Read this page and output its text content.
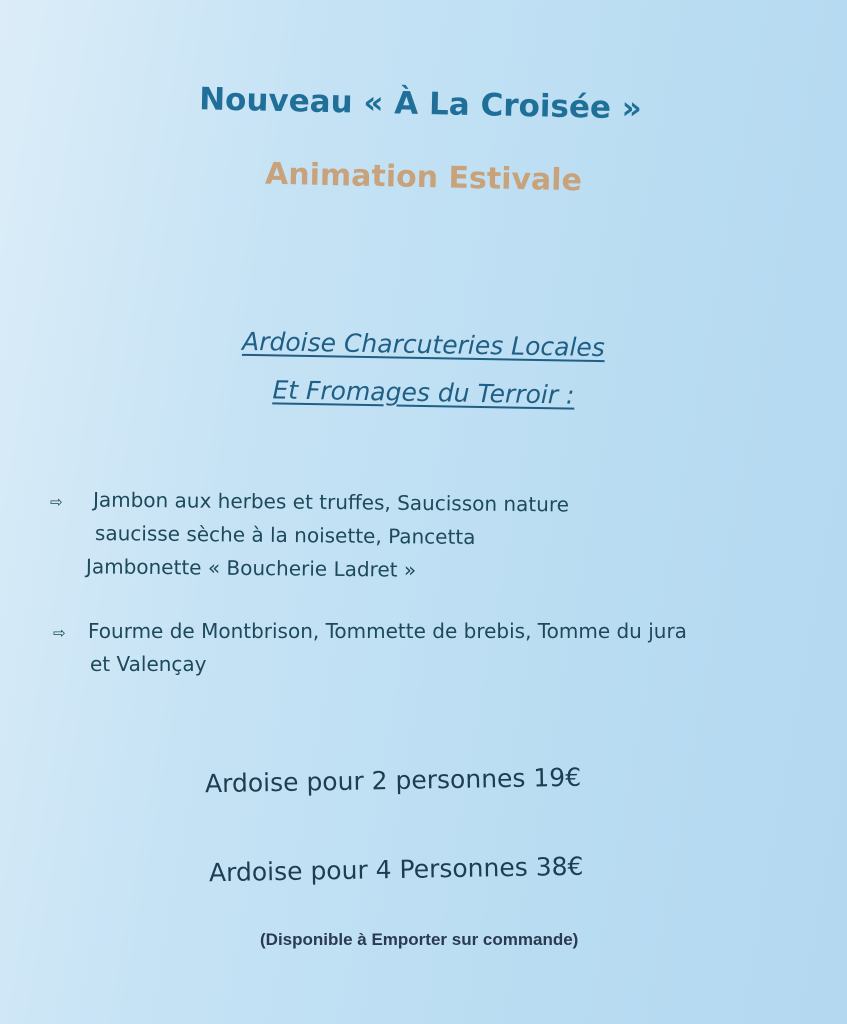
Nouveau « À La Croisée »
Animation Estivale
Ardoise Charcuteries Locales
Et Fromages du Terroir :
⇨ Jambon aux herbes et truffes, Saucisson nature
saucisse sèche à la noisette, Pancetta
Jambonette « Boucherie Ladret »
⇨ Fourme de Montbrison, Tommette de brebis, Tomme du jura
et Valençay
Ardoise pour 2 personnes 19€
Ardoise pour 4 Personnes 38€
(Disponible à Emporter sur commande)
